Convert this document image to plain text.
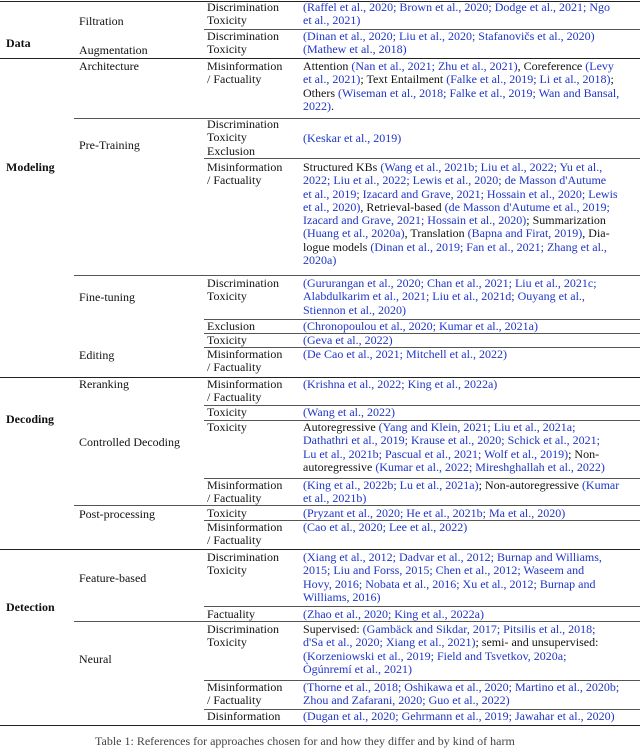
Data
Modeling
Decoding
Detection
Filtration
Augmentation
Architecture
Pre-Training
Fine-tuning
Editing
Reranking
Controlled Decoding
Post-processing
Feature-based
Neural
Discrimination
Toxicity
Discrimination
Toxicity
Misinformation
/ Factuality
Discrimination
Toxicity
Exclusion
Misinformation
/ Factuality
Discrimination
Toxicity
Exclusion
Toxicity
Misinformation
/ Factuality
Misinformation
/ Factuality
Toxicity
Toxicity
Misinformation
/ Factuality
Toxicity
Misinformation
/ Factuality
Discrimination
Toxicity
Factuality
Discrimination
Toxicity
Misinformation
/ Factuality
Disinformation
(Raffel et al., 2020; Brown et al., 2020; Dodge et al., 2021; Ngo
et al., 2021)
(Dinan et al., 2020; Liu et al., 2020; Stafanovičs et al., 2020)
(Mathew et al., 2018)
Attention (Nan et al., 2021; Zhu et al., 2021), Coreference (Levy
et al., 2021); Text Entailment (Falke et al., 2019; Li et al., 2018);
Others (Wiseman et al., 2018; Falke et al., 2019; Wan and Bansal,
2022).
(Keskar et al., 2019)
Structured KBs (Wang et al., 2021b; Liu et al., 2022; Yu et al.,
2022; Liu et al., 2022; Lewis et al., 2020; de Masson d'Autume
et al., 2019; Izacard and Grave, 2021; Hossain et al., 2020; Lewis
et al., 2020), Retrieval-based (de Masson d'Autume et al., 2019;
Izacard and Grave, 2021; Hossain et al., 2020); Summarization
(Huang et al., 2020a), Translation (Bapna and Firat, 2019), Dia-
logue models (Dinan et al., 2019; Fan et al., 2021; Zhang et al.,
2020a)
(Gururangan et al., 2020; Chan et al., 2021; Liu et al., 2021c;
Alabdulkarim et al., 2021; Liu et al., 2021d; Ouyang et al.,
Stiennon et al., 2020)
(Chronopoulou et al., 2020; Kumar et al., 2021a)
(Geva et al., 2022)
(De Cao et al., 2021; Mitchell et al., 2022)
(Krishna et al., 2022; King et al., 2022a)
(Wang et al., 2022)
Autoregressive (Yang and Klein, 2021; Liu et al., 2021a;
Dathathri et al., 2019; Krause et al., 2020; Schick et al., 2021;
Lu et al., 2021b; Pascual et al., 2021; Wolf et al., 2019); Non-
autoregressive (Kumar et al., 2022; Mireshghallah et al., 2022)
(King et al., 2022b; Lu et al., 2021a); Non-autoregressive (Kumar
et al., 2021b)
(Pryzant et al., 2020; He et al., 2021b; Ma et al., 2020)
(Cao et al., 2020; Lee et al., 2022)
(Xiang et al., 2012; Dadvar et al., 2012; Burnap and Williams,
2015; Liu and Forss, 2015; Chen et al., 2012; Waseem and
Hovy, 2016; Nobata et al., 2016; Xu et al., 2012; Burnap and
Williams, 2016)
(Zhao et al., 2020; King et al., 2022a)
Supervised: (Gambäck and Sikdar, 2017; Pitsilis et al., 2018;
d'Sa et al., 2020; Xiang et al., 2021); semi- and unsupervised:
(Korzeniowski et al., 2019; Field and Tsvetkov, 2020a;
Ògúnremí et al., 2021)
(Thorne et al., 2018; Oshikawa et al., 2020; Martino et al., 2020b;
Zhou and Zafarani, 2020; Guo et al., 2022)
(Dugan et al., 2020; Gehrmann et al., 2019; Jawahar et al., 2020)
Table 1: References for approaches chosen for and how they differ and by kind of harm
